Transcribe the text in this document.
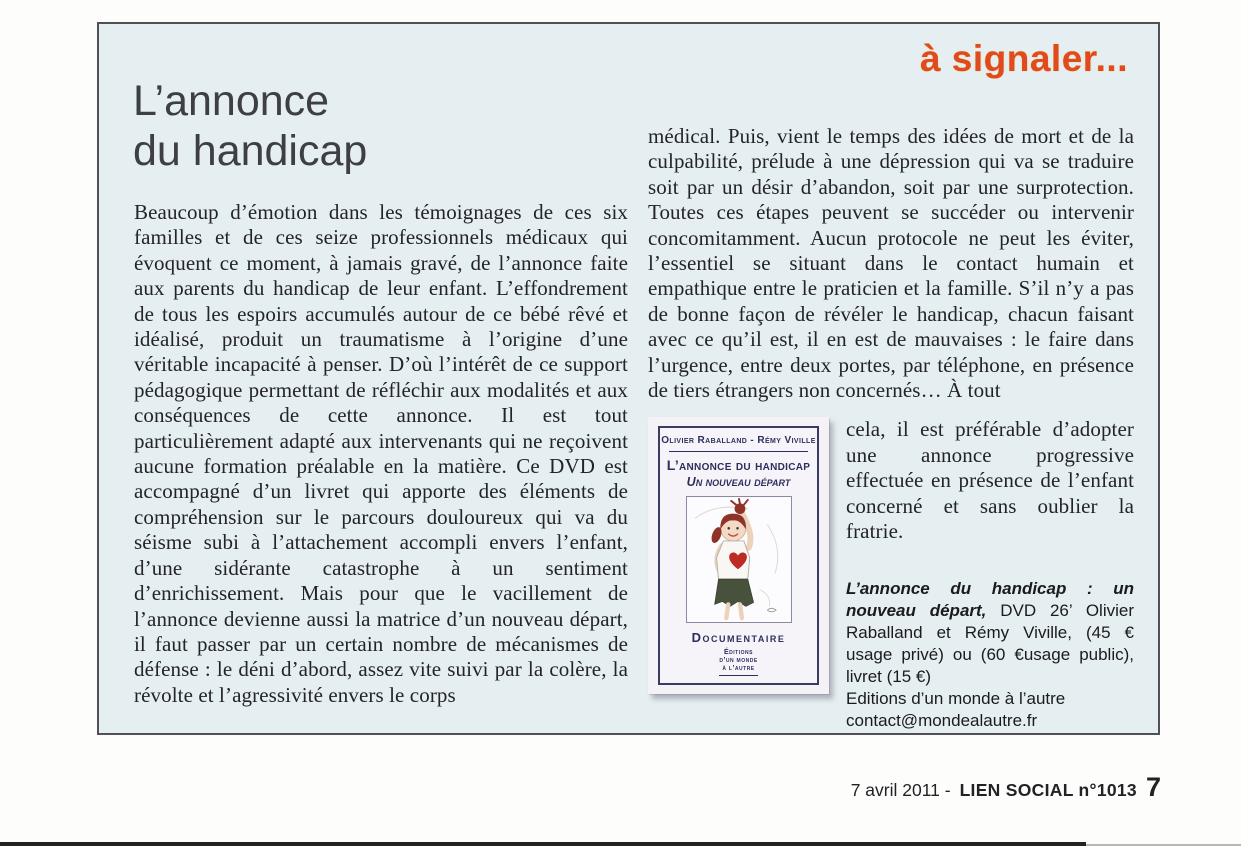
à signaler...
L’annonce
du handicap

Beaucoup d’émotion dans les témoignages de ces six familles et de ces seize professionnels médicaux qui évoquent ce moment, à jamais gravé, de l’annonce faite aux parents du handicap de leur enfant. L’effondrement de tous les espoirs accumulés autour de ce bébé rêvé et idéalisé, produit un traumatisme à l’origine d’une véritable incapacité à penser. D’où l’intérêt de ce support pédagogique permettant de réfléchir aux modalités et aux conséquences de cette annonce. Il est tout particulièrement adapté aux intervenants qui ne reçoivent aucune formation préalable en la matière. Ce DVD est accompagné d’un livret qui apporte des éléments de compréhension sur le parcours douloureux qui va du séisme subi à l’attachement accompli envers l’enfant, d’une sidérante catastrophe à un sentiment d’enrichissement. Mais pour que le vacillement de l’annonce devienne aussi la matrice d’un nouveau départ, il faut passer par un certain nombre de mécanismes de défense : le déni d’abord, assez vite suivi par la colère, la révolte et l’agressivité envers le corps

médical. Puis, vient le temps des idées de mort et de la culpabilité, prélude à une dépression qui va se traduire soit par un désir d’abandon, soit par une surprotection. Toutes ces étapes peuvent se succéder ou intervenir concomitamment. Aucun protocole ne peut les éviter, l’essentiel se situant dans le contact humain et empathique entre le praticien et la famille. S’il n’y a pas de bonne façon de révéler le handicap, chacun faisant avec ce qu’il est, il en est de mauvaises : le faire dans l’urgence, entre deux portes, par téléphone, en présence de tiers étrangers non concernés… À tout

Olivier Raballand - Rémy Viville
L’annonce du handicap
Un nouveau départ
Documentaire
Éditions
d’un monde
à l’autre

cela, il est préférable d’adopter une annonce progressive effectuée en présence de l’enfant concerné et sans oublier la fratrie.

L’annonce du handicap : un nouveau départ, DVD 26’ Olivier Raballand et Rémy Viville, (45 € usage privé) ou (60 €usage public), livret (15 €)

Editions d’un monde à l’autre

contact@mondealautre.fr

7 avril 2011 - LIEN SOCIAL n°1013 7
